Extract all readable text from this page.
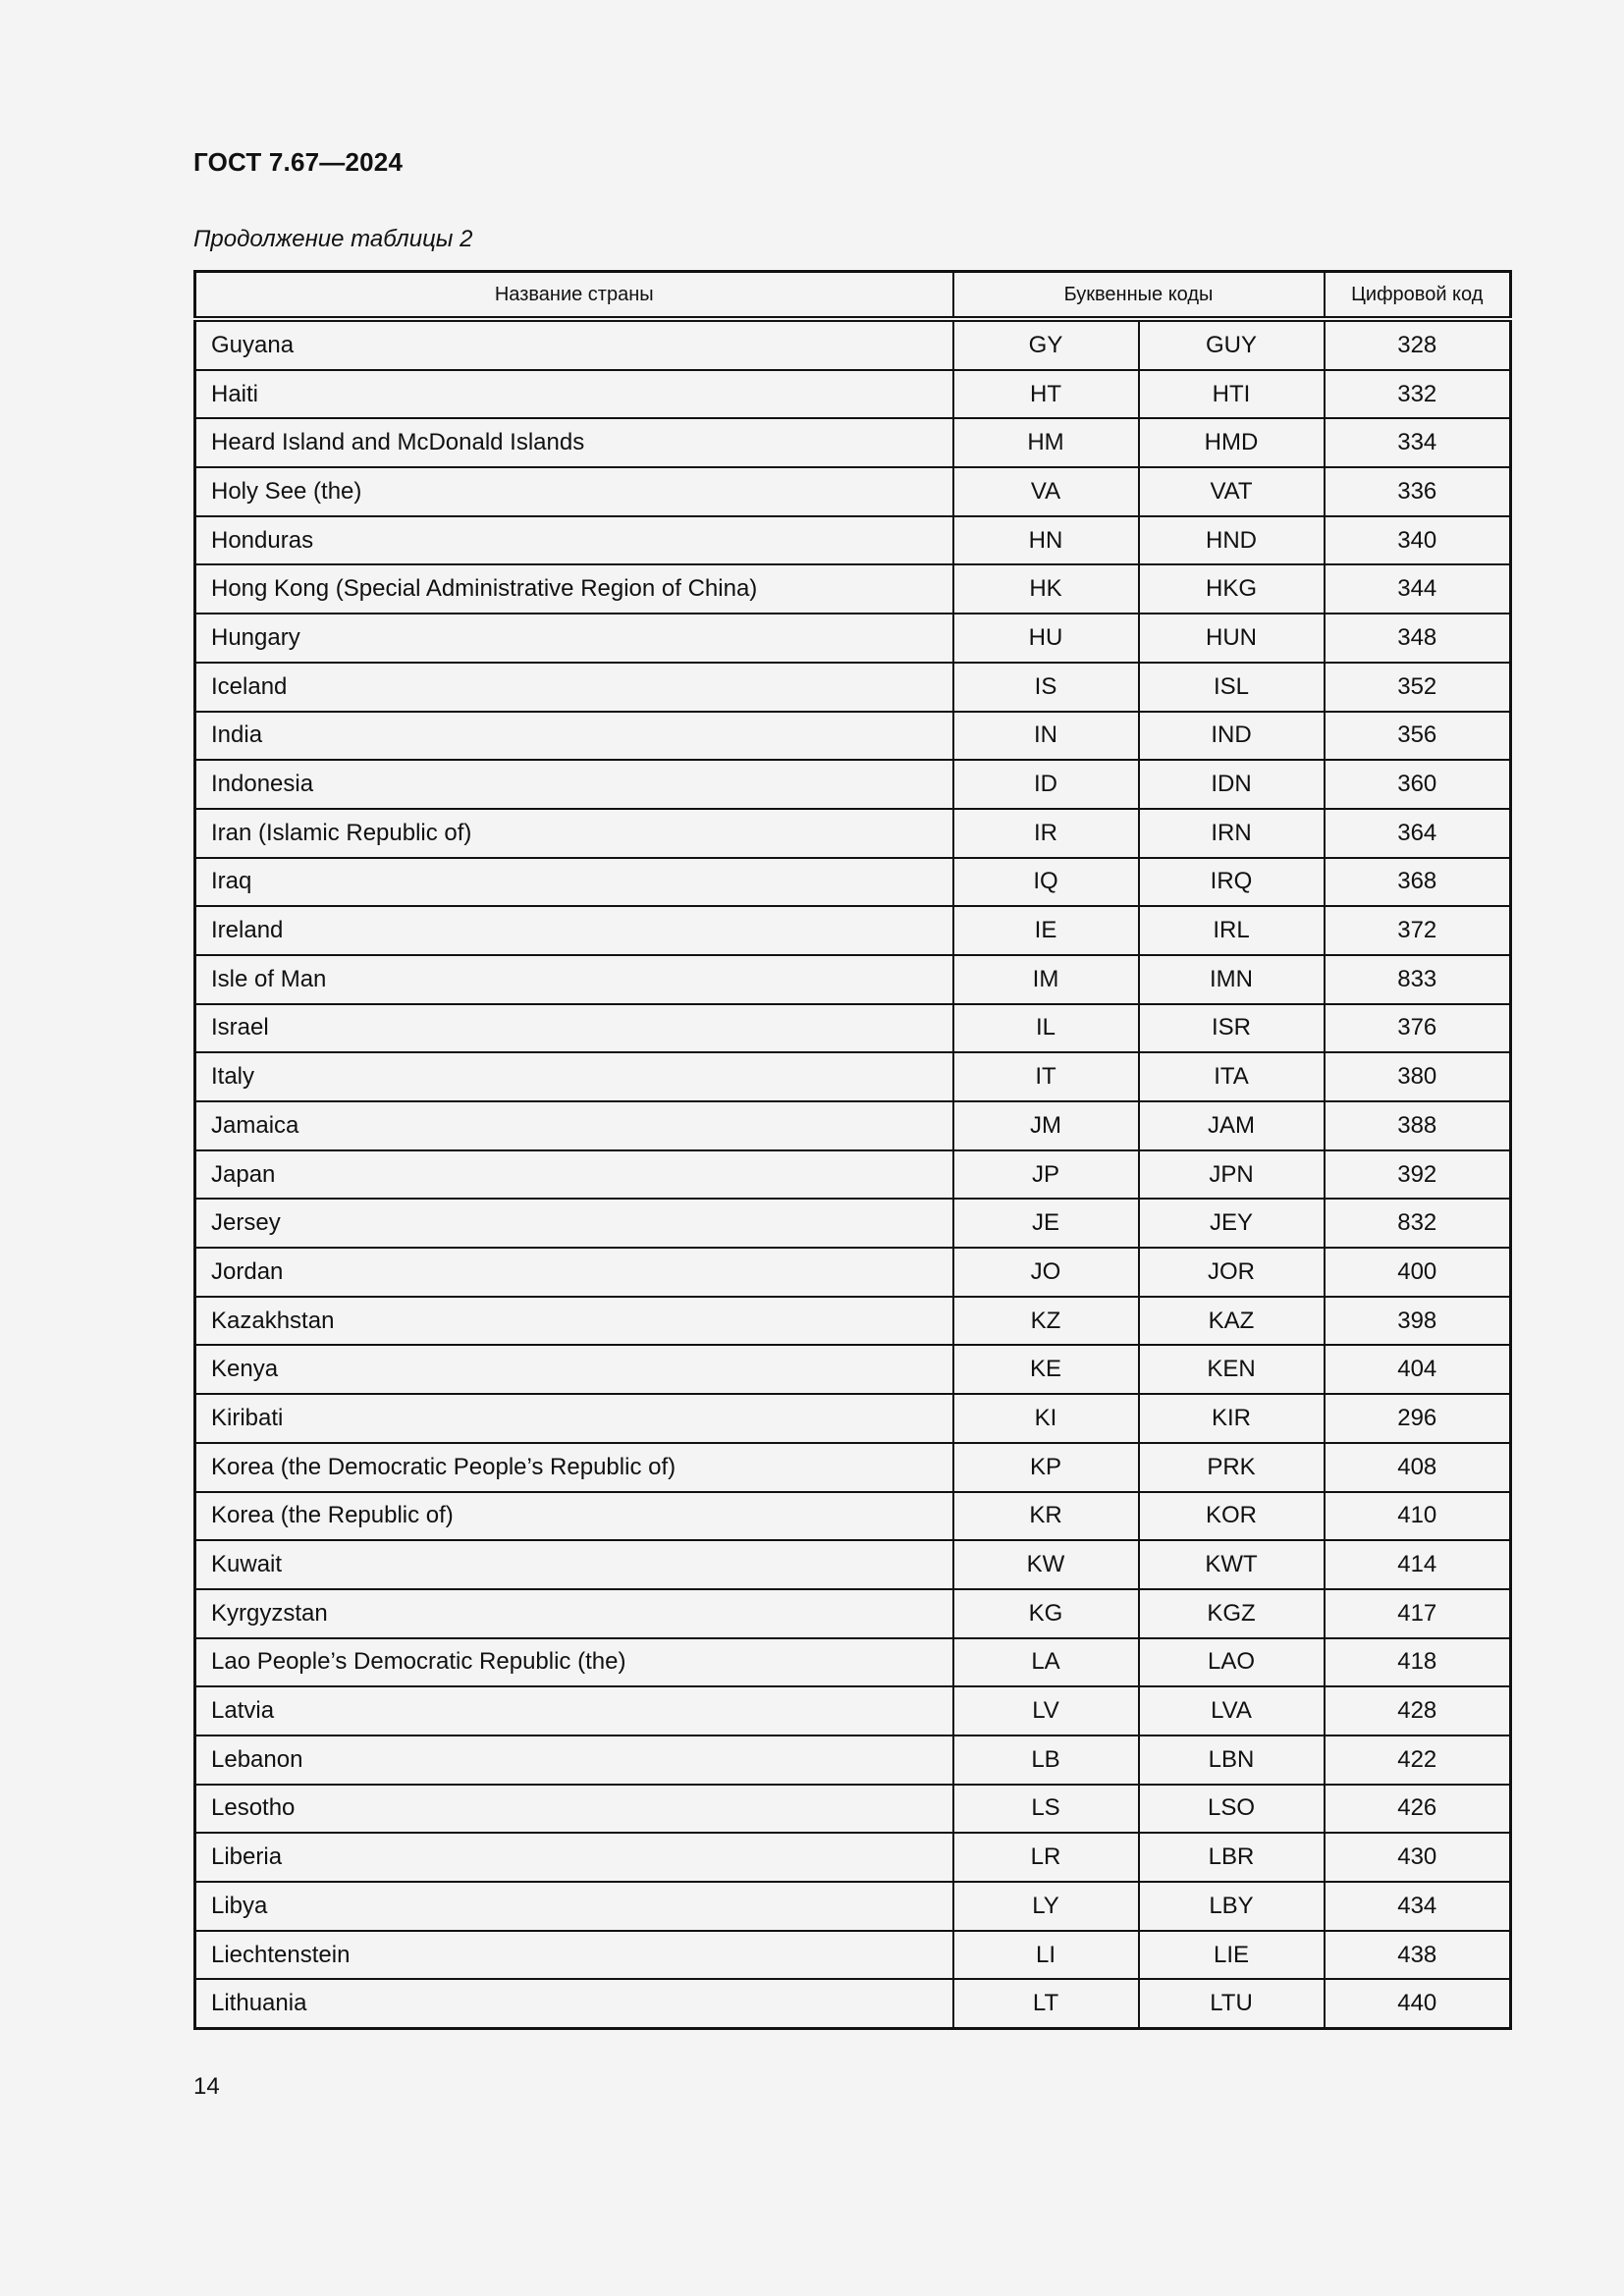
ГОСТ 7.67—2024
Продолжение таблицы 2
Название страны	Буквенные коды		Цифровой код
Guyana	GY	GUY	328
Haiti	HT	HTI	332
Heard Island and McDonald Islands	HM	HMD	334
Holy See (the)	VA	VAT	336
Honduras	HN	HND	340
Hong Kong (Special Administrative Region of China)	HK	HKG	344
Hungary	HU	HUN	348
Iceland	IS	ISL	352
India	IN	IND	356
Indonesia	ID	IDN	360
Iran (Islamic Republic of)	IR	IRN	364
Iraq	IQ	IRQ	368
Ireland	IE	IRL	372
Isle of Man	IM	IMN	833
Israel	IL	ISR	376
Italy	IT	ITA	380
Jamaica	JM	JAM	388
Japan	JP	JPN	392
Jersey	JE	JEY	832
Jordan	JO	JOR	400
Kazakhstan	KZ	KAZ	398
Kenya	KE	KEN	404
Kiribati	KI	KIR	296
Korea (the Democratic People’s Republic of)	KP	PRK	408
Korea (the Republic of)	KR	KOR	410
Kuwait	KW	KWT	414
Kyrgyzstan	KG	KGZ	417
Lao People’s Democratic Republic (the)	LA	LAO	418
Latvia	LV	LVA	428
Lebanon	LB	LBN	422
Lesotho	LS	LSO	426
Liberia	LR	LBR	430
Libya	LY	LBY	434
Liechtenstein	LI	LIE	438
Lithuania	LT	LTU	440
14
